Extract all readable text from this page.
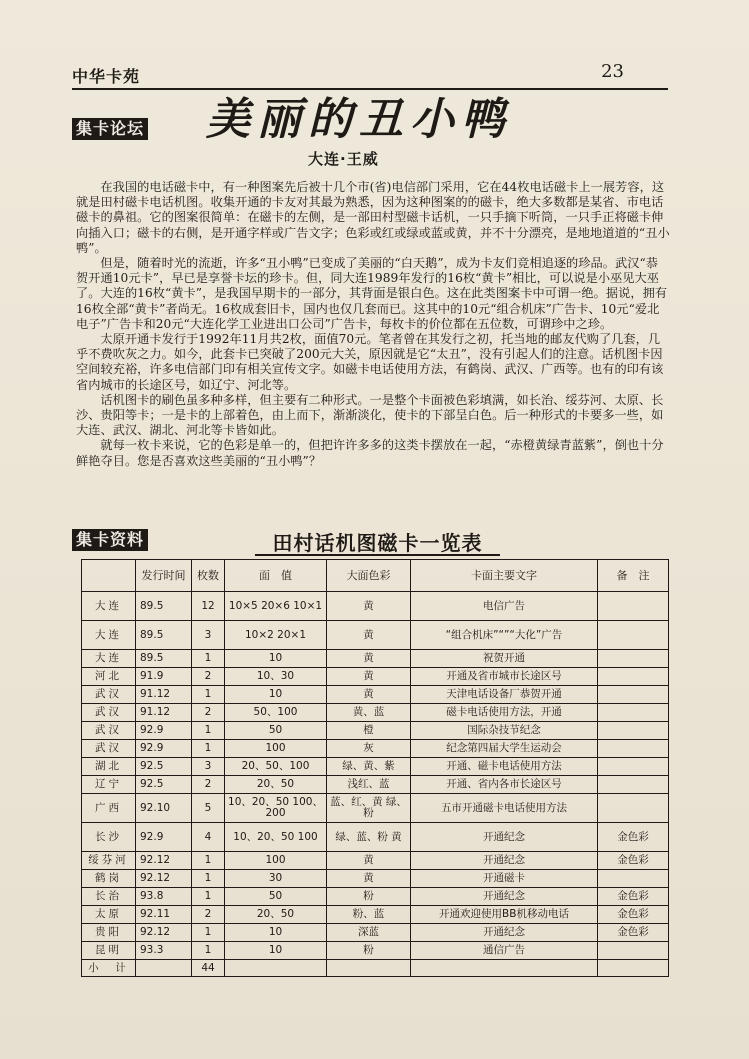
中华卡苑	23
集卡论坛 美丽的丑小鸭
大连·王威

在我国的电话磁卡中，有一种图案先后被十几个市(省)电信部门采用，它在44枚电话磁卡上一展芳容，这就是田村磁卡电话机图。收集开通的卡友对其最为熟悉，因为这种图案的的磁卡，绝大多数都是某省、市电话磁卡的鼻祖。它的图案很简单：在磁卡的左侧，是一部田村型磁卡话机，一只手摘下听筒，一只手正将磁卡伸向插入口；磁卡的右侧，是开通字样或广告文字；色彩或红或绿或蓝或黄，并不十分漂亮，是地地道道的“丑小鸭”。

但是，随着时光的流逝，许多“丑小鸭”已变成了美丽的“白天鹅”，成为卡友们竞相追逐的珍品。武汉“恭贺开通10元卡”，早已是享誉卡坛的珍卡。但，同大连1989年发行的16枚“黄卡”相比，可以说是小巫见大巫了。大连的16枚“黄卡”，是我国早期卡的一部分，其背面是银白色。这在此类图案卡中可谓一绝。据说，拥有16枚全部“黄卡”者尚无。16枚成套旧卡，国内也仅几套而已。这其中的10元“组合机床”广告卡、10元“爱北电子”广告卡和20元“大连化学工业进出口公司”广告卡，每枚卡的价位都在五位数，可谓珍中之珍。

太原开通卡发行于1992年11月共2枚，面值70元。笔者曾在其发行之初，托当地的邮友代购了几套，几乎不费吹灰之力。如今，此套卡已突破了200元大关，原因就是它“太丑”，没有引起人们的注意。话机图卡因空间较充裕，许多电信部门印有相关宣传文字。如磁卡电话使用方法，有鹤岗、武汉、广西等。也有的印有该省内城市的长途区号，如辽宁、河北等。

话机图卡的刷色虽多种多样，但主要有二种形式。一是整个卡面被色彩填满，如长治、绥芬河、太原、长沙、贵阳等卡；一是卡的上部着色，由上而下，渐渐淡化，使卡的下部呈白色。后一种形式的卡要多一些，如大连、武汉、湖北、河北等卡皆如此。

就每一枚卡来说，它的色彩是单一的，但把许许多多的这类卡摆放在一起，“赤橙黄绿青蓝紫”，倒也十分鲜艳夺目。您是否喜欢这些美丽的“丑小鸭”？

集卡资料	田村话机图磁卡一览表
	发行时间	枚数	面　值	大面色彩	卡面主要文字	备　注
大连	89.5	12	10×5 20×6 10×1	黄	电信广告	
大连	89.5	3	10×2 20×1	黄	“组合机床”“”“大化”广告	
大连	89.5	1	10	黄	祝贺开通	
河北	91.9	2	10、30	黄	开通及省市城市长途区号	
武汉	91.12	1	10	黄	天津电话设备厂恭贺开通	
武汉	91.12	2	50、100	黄、蓝	磁卡电话使用方法，开通	
武汉	92.9	1	50	橙	国际杂技节纪念	
武汉	92.9	1	100	灰	纪念第四届大学生运动会	
湖北	92.5	3	20、50、100	绿、黄、紫	开通、磁卡电话使用方法	
辽宁	92.5	2	20、50	浅红、蓝	开通、省内各市长途区号	
广西	92.10	5	10、20、50 100、200	蓝、红、黄 绿、粉	五市开通磁卡电话使用方法	
长沙	92.9	4	10、20、50 100	绿、蓝、粉 黄	开通纪念	金色彩
绥芬河	92.12	1	100	黄	开通纪念	金色彩
鹤岗	92.12	1	30	黄	开通磁卡	
长治	93.8	1	50	粉	开通纪念	金色彩
太原	92.11	2	20、50	粉、蓝	开通欢迎使用BB机移动电话	金色彩
贵阳	92.12	1	10	深蓝	开通纪念	金色彩
昆明	93.3	1	10	粉	通信广告	
小　计		44				
